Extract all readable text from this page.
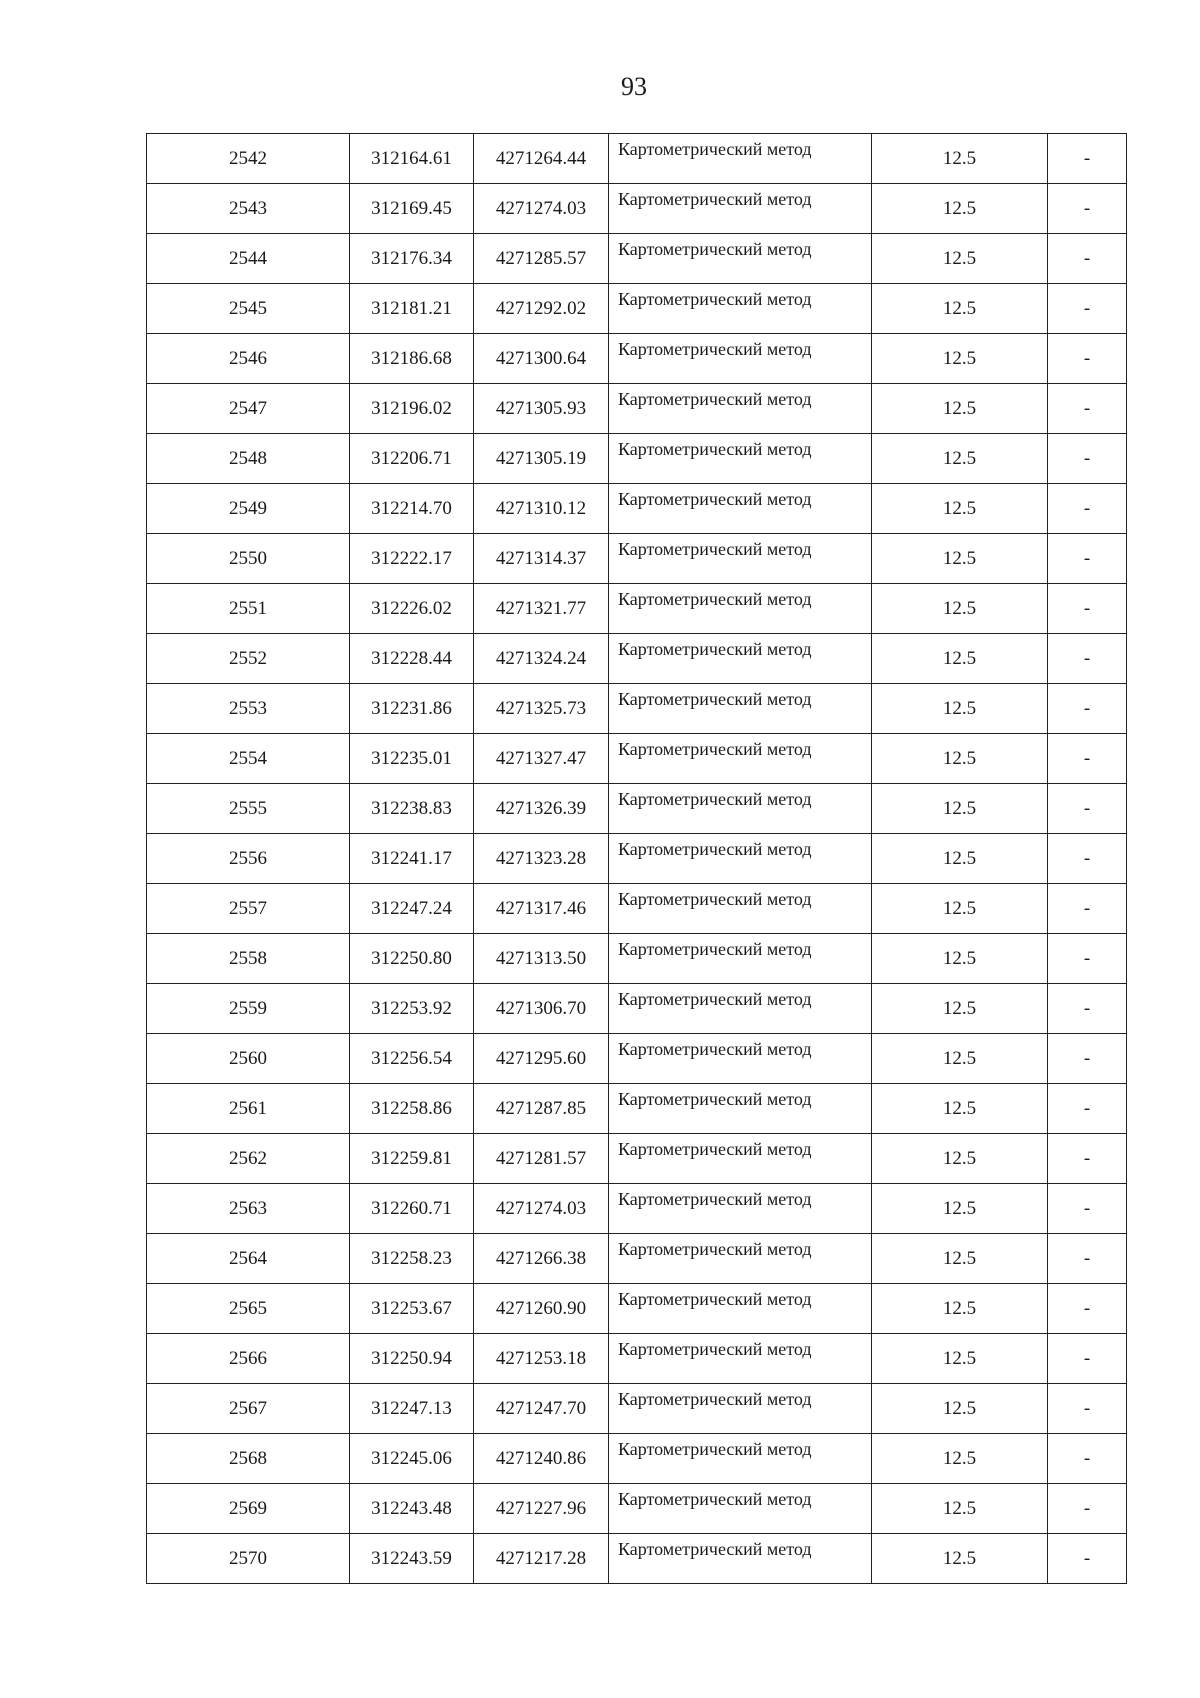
93
2542	312164.61	4271264.44	Картометрический метод	12.5	-
2543	312169.45	4271274.03	Картометрический метод	12.5	-
2544	312176.34	4271285.57	Картометрический метод	12.5	-
2545	312181.21	4271292.02	Картометрический метод	12.5	-
2546	312186.68	4271300.64	Картометрический метод	12.5	-
2547	312196.02	4271305.93	Картометрический метод	12.5	-
2548	312206.71	4271305.19	Картометрический метод	12.5	-
2549	312214.70	4271310.12	Картометрический метод	12.5	-
2550	312222.17	4271314.37	Картометрический метод	12.5	-
2551	312226.02	4271321.77	Картометрический метод	12.5	-
2552	312228.44	4271324.24	Картометрический метод	12.5	-
2553	312231.86	4271325.73	Картометрический метод	12.5	-
2554	312235.01	4271327.47	Картометрический метод	12.5	-
2555	312238.83	4271326.39	Картометрический метод	12.5	-
2556	312241.17	4271323.28	Картометрический метод	12.5	-
2557	312247.24	4271317.46	Картометрический метод	12.5	-
2558	312250.80	4271313.50	Картометрический метод	12.5	-
2559	312253.92	4271306.70	Картометрический метод	12.5	-
2560	312256.54	4271295.60	Картометрический метод	12.5	-
2561	312258.86	4271287.85	Картометрический метод	12.5	-
2562	312259.81	4271281.57	Картометрический метод	12.5	-
2563	312260.71	4271274.03	Картометрический метод	12.5	-
2564	312258.23	4271266.38	Картометрический метод	12.5	-
2565	312253.67	4271260.90	Картометрический метод	12.5	-
2566	312250.94	4271253.18	Картометрический метод	12.5	-
2567	312247.13	4271247.70	Картометрический метод	12.5	-
2568	312245.06	4271240.86	Картометрический метод	12.5	-
2569	312243.48	4271227.96	Картометрический метод	12.5	-
2570	312243.59	4271217.28	Картометрический метод	12.5	-
